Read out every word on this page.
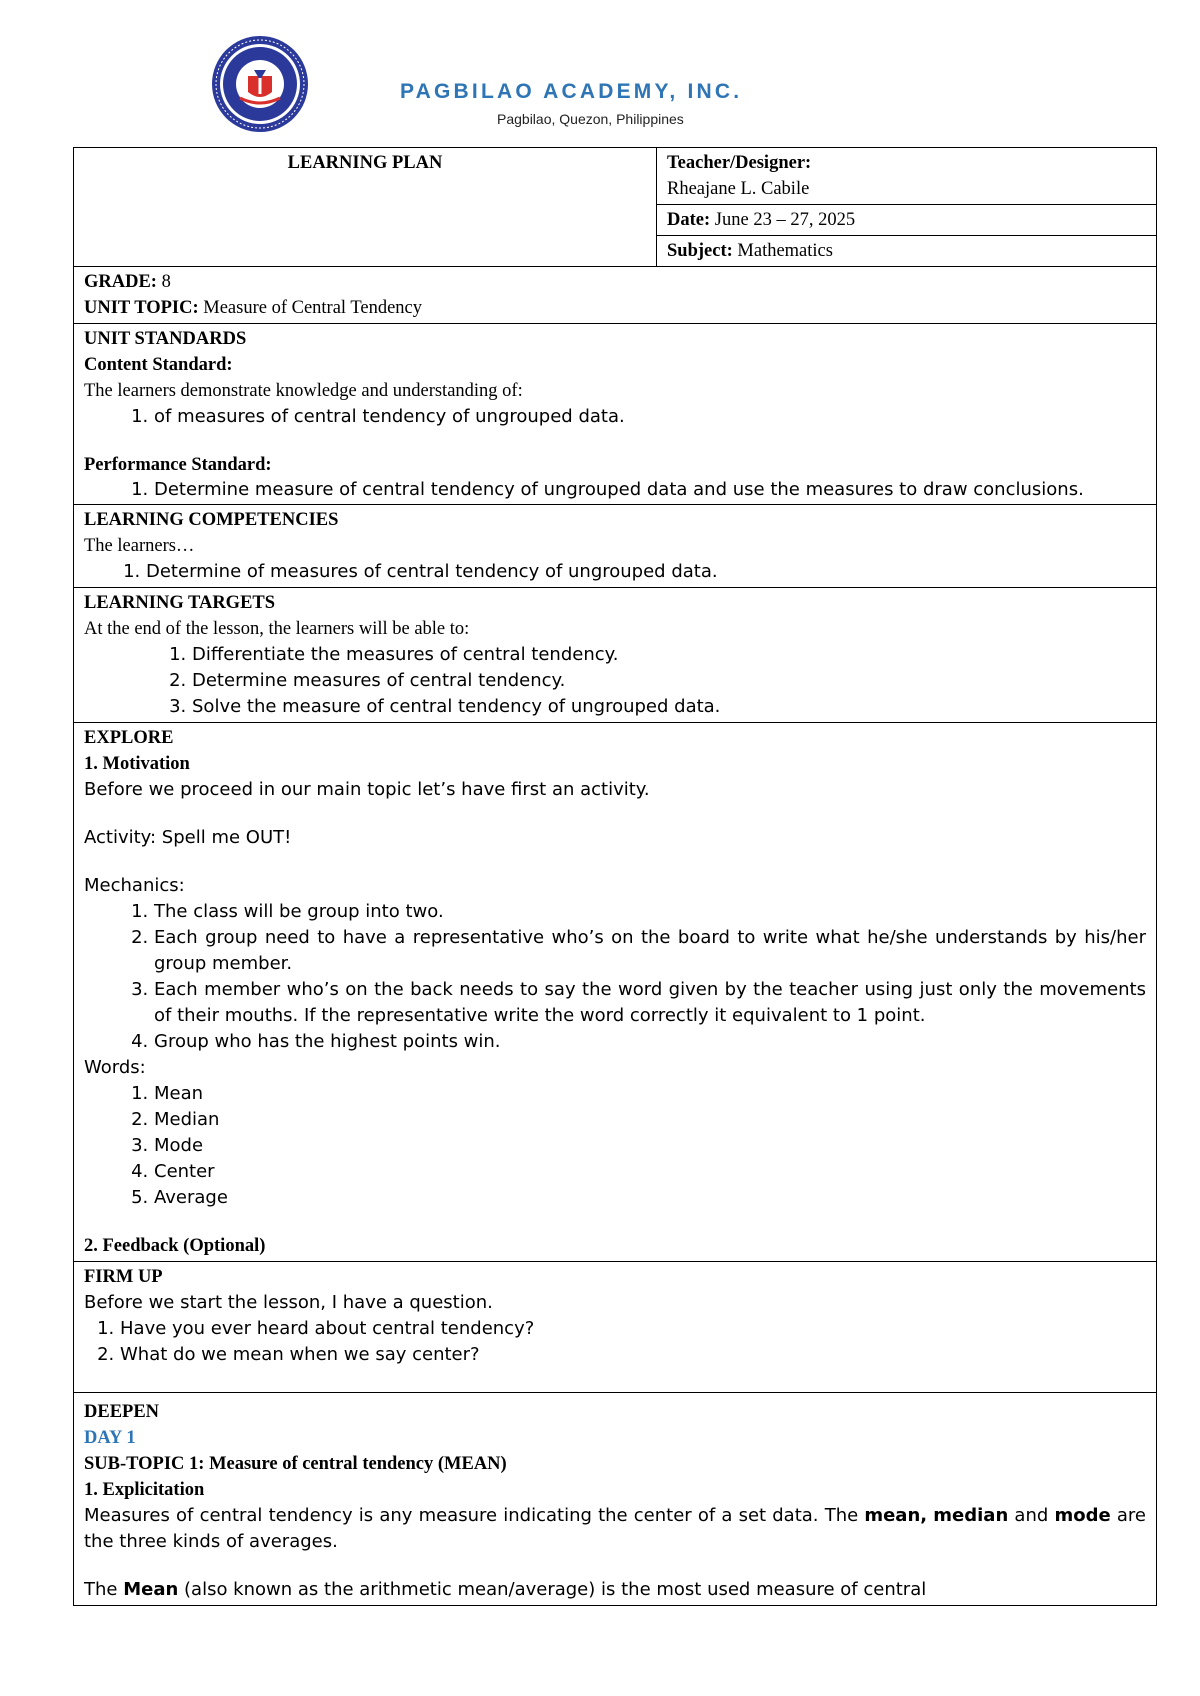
PAGBILAO ACADEMY, INC.
Pagbilao, Quezon, Philippines
LEARNING PLAN	Teacher/Designer:
Rheajane L. Cabile

Date: June 23 – 27, 2025
Subject: Mathematics

GRADE: 8
UNIT TOPIC: Measure of Central Tendency

UNIT STANDARDS
Content Standard:
The learners demonstrate knowledge and understanding of:
1. of measures of central tendency of ungrouped data.
Performance Standard:
1. Determine measure of central tendency of ungrouped data and use the measures to draw conclusions.

LEARNING COMPETENCIES
The learners…
1. Determine of measures of central tendency of ungrouped data.

LEARNING TARGETS
At the end of the lesson, the learners will be able to:
1. Differentiate the measures of central tendency.
2. Determine measures of central tendency.
3. Solve the measure of central tendency of ungrouped data.

EXPLORE
1. Motivation
Before we proceed in our main topic let’s have first an activity.
Activity: Spell me OUT!
Mechanics:
1. The class will be group into two.
2. Each group need to have a representative who’s on the board to write what he/she understands by his/her group member.
3. Each member who’s on the back needs to say the word given by the teacher using just only the movements of their mouths. If the representative write the word correctly it equivalent to 1 point.
4. Group who has the highest points win.
Words:
1. Mean
2. Median
3. Mode
4. Center
5. Average
2. Feedback (Optional)

FIRM UP
Before we start the lesson, I have a question.
1. Have you ever heard about central tendency?
2. What do we mean when we say center?

DEEPEN
DAY 1
SUB-TOPIC 1: Measure of central tendency (MEAN)
1. Explicitation
Measures of central tendency is any measure indicating the center of a set data. The mean, median and mode are the three kinds of averages.
The Mean (also known as the arithmetic mean/average) is the most used measure of central
